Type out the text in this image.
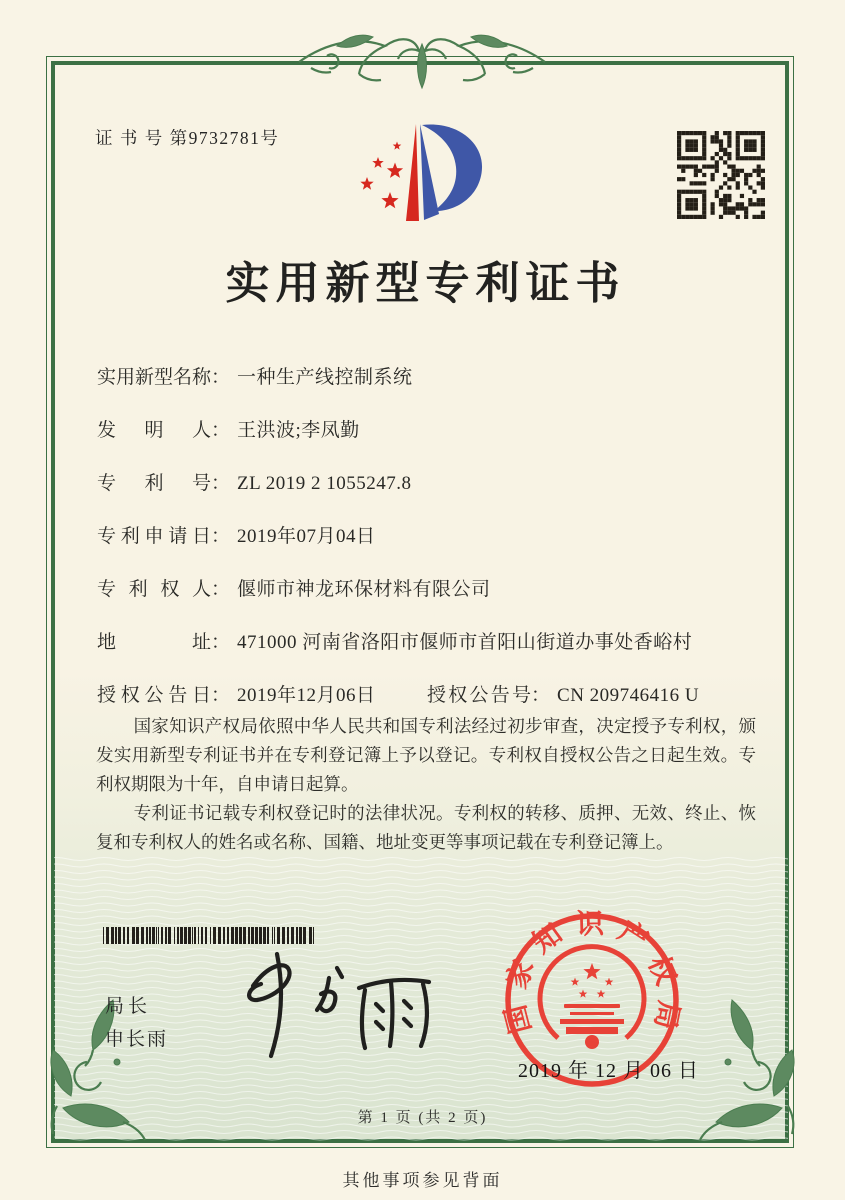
证 书 号 第9732781号
实用新型专利证书
实用新型名称 ： 一种生产线控制系统
发明人 ： 王洪波;李凤勤
专利号 ： ZL 2019 2 1055247.8
专利申请日 ： 2019年07月04日
专利权人 ： 偃师市神龙环保材料有限公司
地址 ： 471000 河南省洛阳市偃师市首阳山街道办事处香峪村
授权公告日 ： 2019年12月06日	授权公告号 ： CN 209746416 U

国家知识产权局依照中华人民共和国专利法经过初步审查，决定授予专利权，颁发实用新型专利证书并在专利登记簿上予以登记。专利权自授权公告之日起生效。专利权期限为十年，自申请日起算。

专利证书记载专利权登记时的法律状况。专利权的转移、质押、无效、终止、恢复和专利权人的姓名或名称、国籍、地址变更等事项记载在专利登记簿上。

局长
申长雨
国家知识产权局
2019 年 12 月 06 日
第 1 页 (共 2 页)
其他事项参见背面
